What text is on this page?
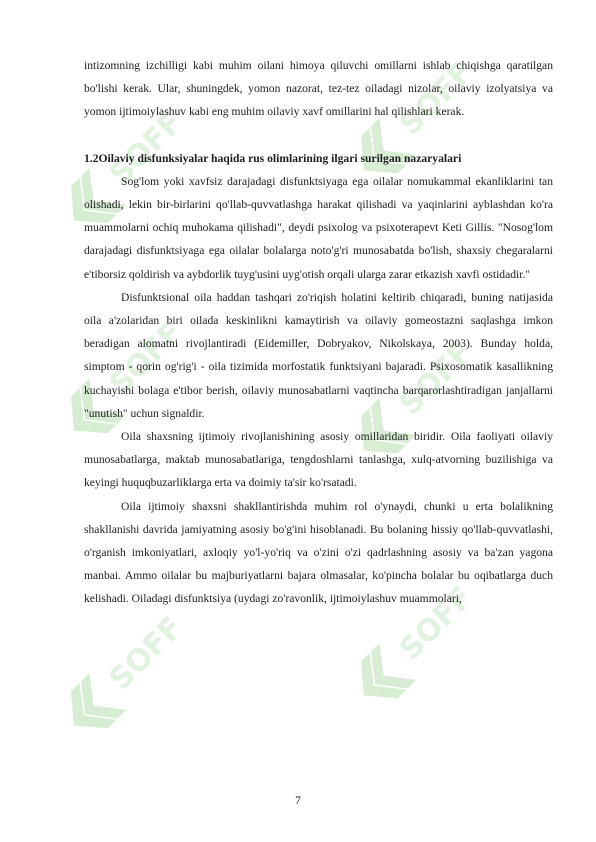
SOFF
SOFF
SOFF	SOFF
SOFF	SOFF

intizomning izchilligi kabi muhim oilani himoya qiluvchi omillarni ishlab chiqishga qaratilgan bo'lishi kerak. Ular, shuningdek, yomon nazorat, tez-tez oiladagi nizolar, oilaviy izolyatsiya va yomon ijtimoiylashuv kabi eng muhim oilaviy xavf omillarini hal qilishlari kerak.

1.2Oilaviy disfunksiyalar haqida rus olimlarining ilgari surilgan nazaryalari

Sog'lom yoki xavfsiz darajadagi disfunktsiyaga ega oilalar nomukammal ekanliklarini tan olishadi, lekin bir-birlarini qo'llab-quvvatlashga harakat qilishadi va yaqinlarini ayblashdan ko'ra muammolarni ochiq muhokama qilishadi", deydi psixolog va psixoterapevt Keti Gillis. "Nosog'lom darajadagi disfunktsiyaga ega oilalar bolalarga noto'g'ri munosabatda bo'lish, shaxsiy chegaralarni e'tiborsiz qoldirish va aybdorlik tuyg'usini uyg'otish orqali ularga zarar etkazish xavfi ostidadir."

Disfunktsional oila haddan tashqari zo'riqish holatini keltirib chiqaradi, buning natijasida oila a'zolaridan biri oilada keskinlikni kamaytirish va oilaviy gomeostazni saqlashga imkon beradigan alomatni rivojlantiradi (Eidemiller, Dobryakov, Nikolskaya, 2003). Bunday holda, simptom - qorin og'rig'i - oila tizimida morfostatik funktsiyani bajaradi. Psixosomatik kasallikning kuchayishi bolaga e'tibor berish, oilaviy munosabatlarni vaqtincha barqarorlashtiradigan janjallarni "unutish" uchun signaldir.

Oila shaxsning ijtimoiy rivojlanishining asosiy omillaridan biridir. Oila faoliyati oilaviy munosabatlarga, maktab munosabatlariga, tengdoshlarni tanlashga, xulq-atvorning buzilishiga va keyingi huquqbuzarliklarga erta va doimiy ta'sir ko'rsatadi.

Oila ijtimoiy shaxsni shakllantirishda muhim rol o'ynaydi, chunki u erta bolalikning shakllanishi davrida jamiyatning asosiy bo'g'ini hisoblanadi. Bu bolaning hissiy qo'llab-quvvatlashi, o'rganish imkoniyatlari, axloqiy yo'l-yo'riq va o'zini o'zi qadrlashning asosiy va ba'zan yagona manbai. Ammo oilalar bu majburiyatlarni bajara olmasalar, ko'pincha bolalar bu oqibatlarga duch kelishadi. Oiladagi disfunktsiya (uydagi zo'ravonlik, ijtimoiylashuv muammolari,

7
